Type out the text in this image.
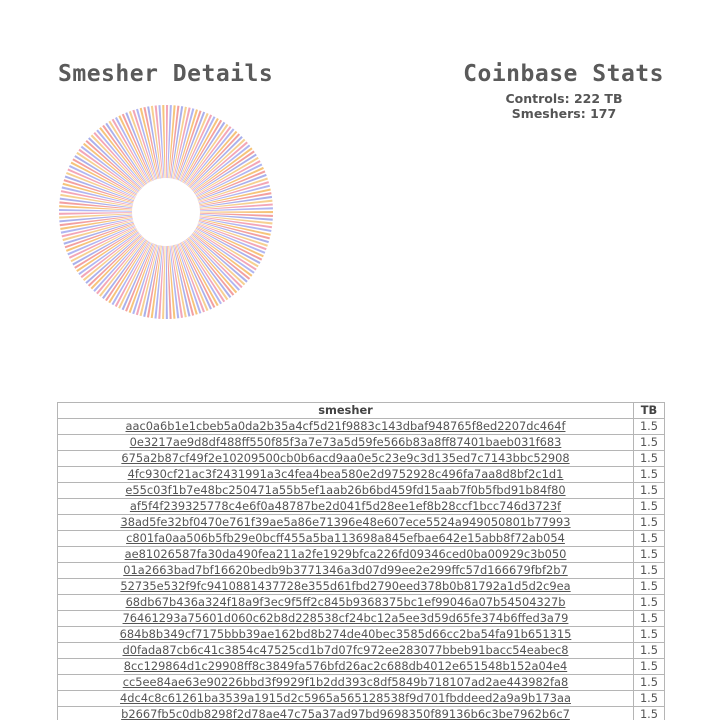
Smesher Details	Coinbase Stats
Controls: 222 TB
Smeshers: 177
smesher	TB
aac0a6b1e1cbeb5a0da2b35a4cf5d21f9883c143dbaf948765f8ed2207dc464f	1.5
0e3217ae9d8df488ff550f85f3a7e73a5d59fe566b83a8ff87401baeb031f683	1.5
675a2b87cf49f2e10209500cb0b6acd9aa0e5c23e9c3d135ed7c7143bbc52908	1.5
4fc930cf21ac3f2431991a3c4fea4bea580e2d9752928c496fa7aa8d8bf2c1d1	1.5
e55c03f1b7e48bc250471a55b5ef1aab26b6bd459fd15aab7f0b5fbd91b84f80	1.5
af5f4f239325778c4e6f0a48787be2d041f5d28ee1ef8b28ccf1bcc746d3723f	1.5
38ad5fe32bf0470e761f39ae5a86e71396e48e607ece5524a949050801b77993	1.5
c801fa0aa506b5fb29e0bcff455a5ba113698a845efbae642e15abb8f72ab054	1.5
ae81026587fa30da490fea211a2fe1929bfca226fd09346ced0ba00929c3b050	1.5
01a2663bad7bf16620bedb9b3771346a3d07d99ee2e299ffc57d166679fbf2b7	1.5
52735e532f9fc9410881437728e355d61fbd2790eed378b0b81792a1d5d2c9ea	1.5
68db67b436a324f18a9f3ec9f5ff2c845b9368375bc1ef99046a07b54504327b	1.5
76461293a75601d060c62b8d228538cf24bc12a5ee3d59d65fe374b6ffed3a79	1.5
684b8b349cf7175bbb39ae162bd8b274de40bec3585d66cc2ba54fa91b651315	1.5
d0fada87cb6c41c3854c47525cd1b7d07fc972ee283077bbeb91bacc54eabec8	1.5
8cc129864d1c29908ff8c3849fa576bfd26ac2c688db4012e651548b152a04e4	1.5
cc5ee84ae63e90226bbd3f9929f1b2dd393c8df5849b718107ad2ae443982fa8	1.5
4dc4c8c61261ba3539a1915d2c5965a565128538f9d701fbddeed2a9a9b173aa	1.5
b2667fb5c0db8298f2d78ae47c75a37ad97bd9698350f89136b6c3be7962b6c7	1.5
